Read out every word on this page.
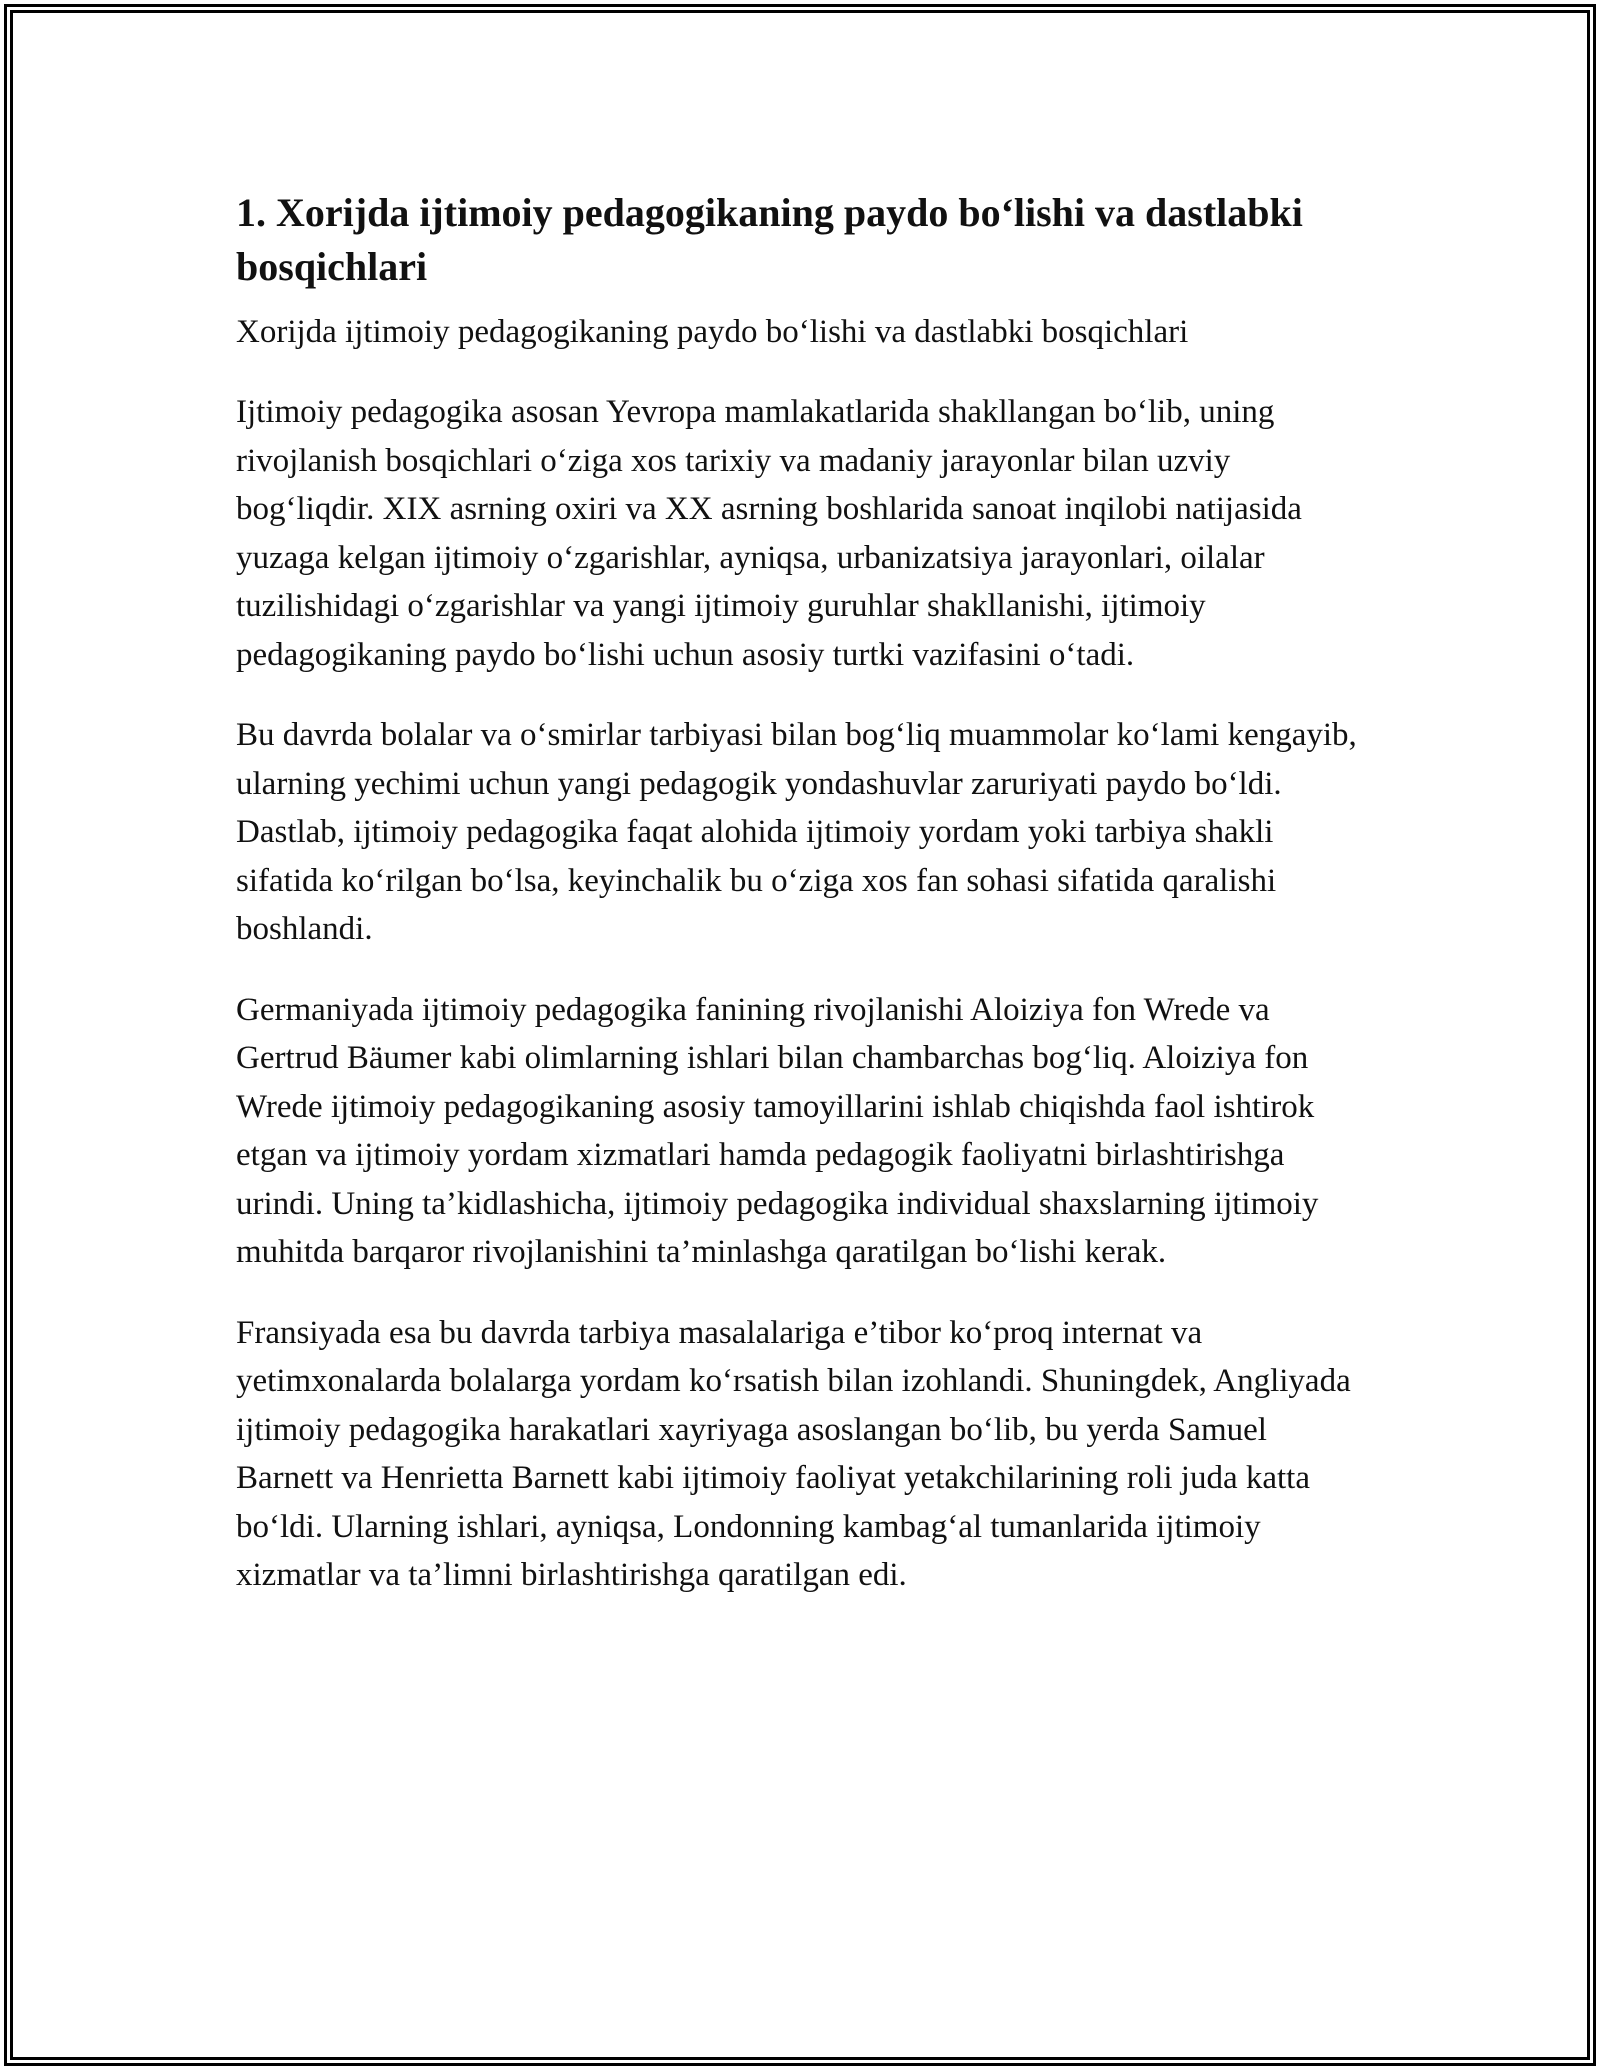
1. Xorijda ijtimoiy pedagogikaning paydo bo‘lishi va dastlabki bosqichlari

Xorijda ijtimoiy pedagogikaning paydo bo‘lishi va dastlabki bosqichlari

Ijtimoiy pedagogika asosan Yevropa mamlakatlarida shakllangan bo‘lib, uning rivojlanish bosqichlari o‘ziga xos tarixiy va madaniy jarayonlar bilan uzviy bog‘liqdir. XIX asrning oxiri va XX asrning boshlarida sanoat inqilobi natijasida yuzaga kelgan ijtimoiy o‘zgarishlar, ayniqsa, urbanizatsiya jarayonlari, oilalar tuzilishidagi o‘zgarishlar va yangi ijtimoiy guruhlar shakllanishi, ijtimoiy pedagogikaning paydo bo‘lishi uchun asosiy turtki vazifasini o‘tadi.

Bu davrda bolalar va o‘smirlar tarbiyasi bilan bog‘liq muammolar ko‘lami kengayib, ularning yechimi uchun yangi pedagogik yondashuvlar zaruriyati paydo bo‘ldi. Dastlab, ijtimoiy pedagogika faqat alohida ijtimoiy yordam yoki tarbiya shakli sifatida ko‘rilgan bo‘lsa, keyinchalik bu o‘ziga xos fan sohasi sifatida qaralishi boshlandi.

Germaniyada ijtimoiy pedagogika fanining rivojlanishi Aloiziya fon Wrede va Gertrud Bäumer kabi olimlarning ishlari bilan chambarchas bog‘liq. Aloiziya fon Wrede ijtimoiy pedagogikaning asosiy tamoyillarini ishlab chiqishda faol ishtirok etgan va ijtimoiy yordam xizmatlari hamda pedagogik faoliyatni birlashtirishga urindi. Uning ta’kidlashicha, ijtimoiy pedagogika individual shaxslarning ijtimoiy muhitda barqaror rivojlanishini ta’minlashga qaratilgan bo‘lishi kerak.

Fransiyada esa bu davrda tarbiya masalalariga e’tibor ko‘proq internat va yetimxonalarda bolalarga yordam ko‘rsatish bilan izohlandi. Shuningdek, Angliyada ijtimoiy pedagogika harakatlari xayriyaga asoslangan bo‘lib, bu yerda Samuel Barnett va Henrietta Barnett kabi ijtimoiy faoliyat yetakchilarining roli juda katta bo‘ldi. Ularning ishlari, ayniqsa, Londonning kambag‘al tumanlarida ijtimoiy xizmatlar va ta’limni birlashtirishga qaratilgan edi.
